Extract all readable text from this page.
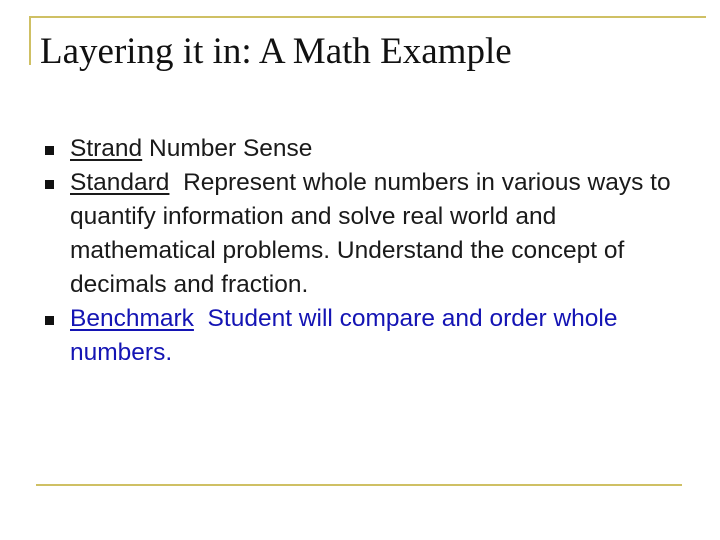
Layering it in: A Math Example
Strand Number Sense
Standard Represent whole numbers in various ways to quantify information and solve real world and mathematical problems. Understand the concept of decimals and fraction.
Benchmark Student will compare and order whole numbers.
